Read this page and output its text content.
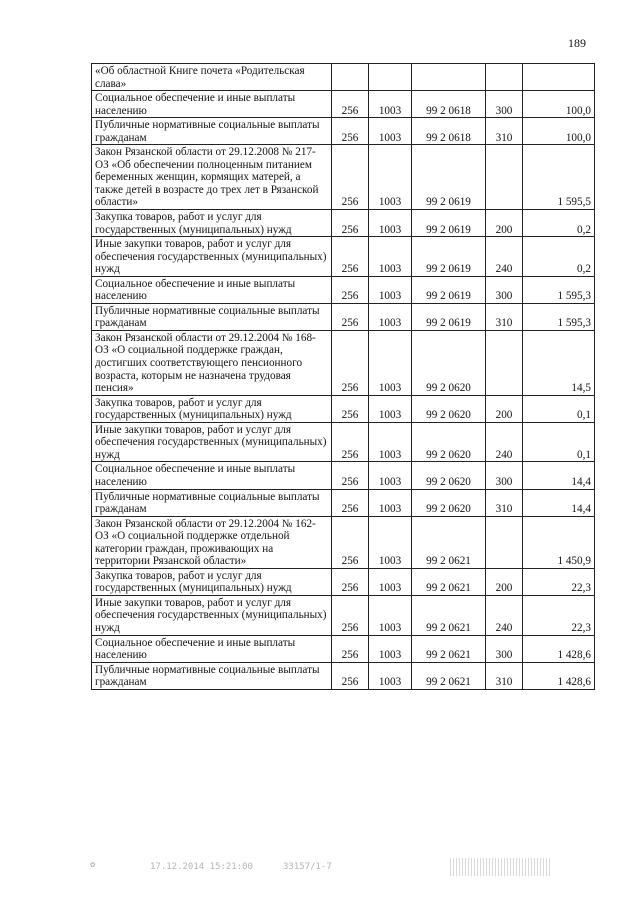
189
«Об областной Книге почета «Родительская слава»					
Социальное обеспечение и иные выплаты населению	256	1003	99 2 0618	300	100,0
Публичные нормативные социальные выплаты гражданам	256	1003	99 2 0618	310	100,0
Закон Рязанской области от 29.12.2008 № 217-ОЗ «Об обеспечении полноценным питанием беременных женщин, кормящих матерей, а также детей в возрасте до трех лет в Рязанской области»	256	1003	99 2 0619		1 595,5
Закупка товаров, работ и услуг для государственных (муниципальных) нужд	256	1003	99 2 0619	200	0,2
Иные закупки товаров, работ и услуг для обеспечения государственных (муниципальных) нужд	256	1003	99 2 0619	240	0,2
Социальное обеспечение и иные выплаты населению	256	1003	99 2 0619	300	1 595,3
Публичные нормативные социальные выплаты гражданам	256	1003	99 2 0619	310	1 595,3
Закон Рязанской области от 29.12.2004 № 168-ОЗ «О социальной поддержке граждан, достигших соответствующего пенсионного возраста, которым не назначена трудовая пенсия»	256	1003	99 2 0620		14,5
Закупка товаров, работ и услуг для государственных (муниципальных) нужд	256	1003	99 2 0620	200	0,1
Иные закупки товаров, работ и услуг для обеспечения государственных (муниципальных) нужд	256	1003	99 2 0620	240	0,1
Социальное обеспечение и иные выплаты населению	256	1003	99 2 0620	300	14,4
Публичные нормативные социальные выплаты гражданам	256	1003	99 2 0620	310	14,4
Закон Рязанской области от 29.12.2004 № 162-ОЗ «О социальной поддержке отдельной категории граждан, проживающих на территории Рязанской области»	256	1003	99 2 0621		1 450,9
Закупка товаров, работ и услуг для государственных (муниципальных) нужд	256	1003	99 2 0621	200	22,3
Иные закупки товаров, работ и услуг для обеспечения государственных (муниципальных) нужд	256	1003	99 2 0621	240	22,3
Социальное обеспечение и иные выплаты населению	256	1003	99 2 0621	300	1 428,6
Публичные нормативные социальные выплаты гражданам	256	1003	99 2 0621	310	1 428,6
✿	17.12.2014 15:21:00	33157/1-7
